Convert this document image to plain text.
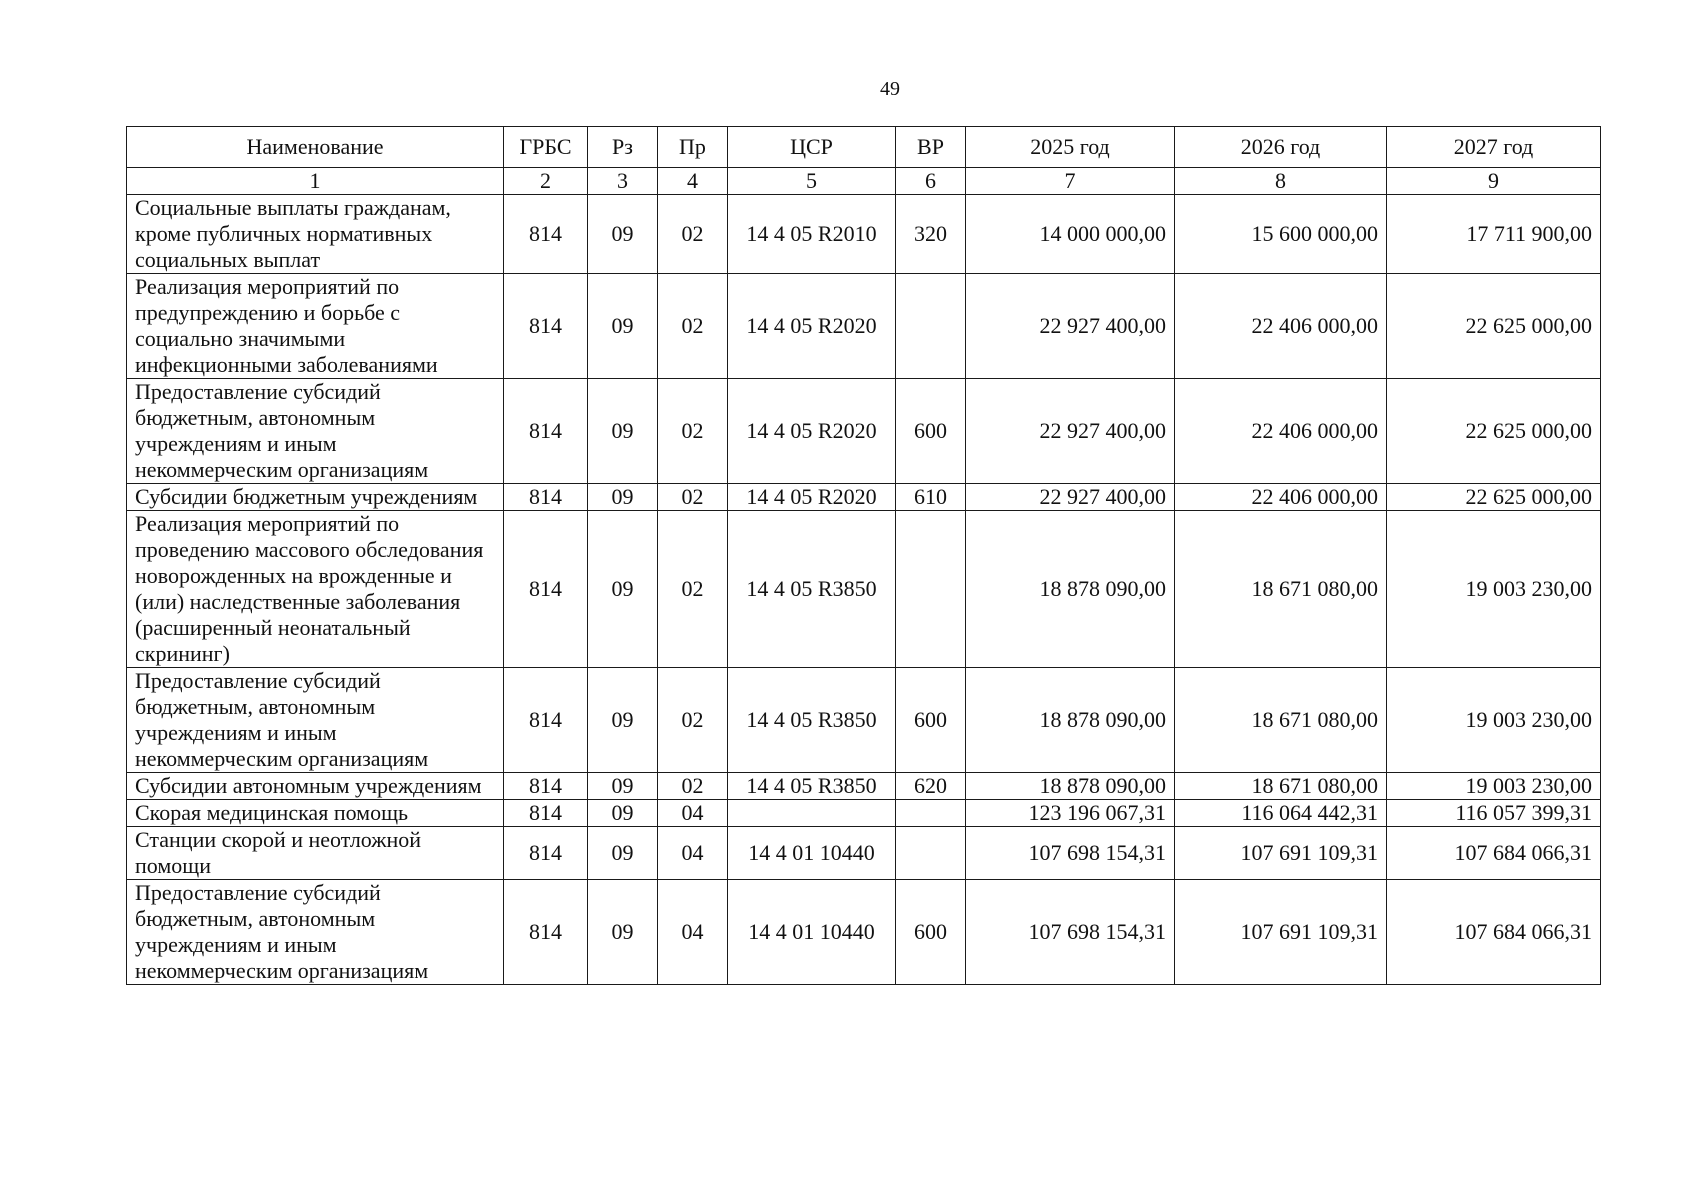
49
Наименование	ГРБС	Рз	Пр	ЦСР	ВР	2025 год	2026 год	2027 год
1	2	3	4	5	6	7	8	9
Социальные выплаты гражданам, кроме публичных нормативных социальных выплат	814	09	02	14 4 05 R2010	320	14 000 000,00	15 600 000,00	17 711 900,00
Реализация мероприятий по предупреждению и борьбе с социально значимыми инфекционными заболеваниями	814	09	02	14 4 05 R2020		22 927 400,00	22 406 000,00	22 625 000,00
Предоставление субсидий бюджетным, автономным учреждениям и иным некоммерческим организациям	814	09	02	14 4 05 R2020	600	22 927 400,00	22 406 000,00	22 625 000,00
Субсидии бюджетным учреждениям	814	09	02	14 4 05 R2020	610	22 927 400,00	22 406 000,00	22 625 000,00
Реализация мероприятий по проведению массового обследования новорожденных на врожденные и (или) наследственные заболевания (расширенный неонатальный скрининг)	814	09	02	14 4 05 R3850		18 878 090,00	18 671 080,00	19 003 230,00
Предоставление субсидий бюджетным, автономным учреждениям и иным некоммерческим организациям	814	09	02	14 4 05 R3850	600	18 878 090,00	18 671 080,00	19 003 230,00
Субсидии автономным учреждениям	814	09	02	14 4 05 R3850	620	18 878 090,00	18 671 080,00	19 003 230,00
Скорая медицинская помощь	814	09	04			123 196 067,31	116 064 442,31	116 057 399,31
Станции скорой и неотложной помощи	814	09	04	14 4 01 10440		107 698 154,31	107 691 109,31	107 684 066,31
Предоставление субсидий бюджетным, автономным учреждениям и иным некоммерческим организациям	814	09	04	14 4 01 10440	600	107 698 154,31	107 691 109,31	107 684 066,31
